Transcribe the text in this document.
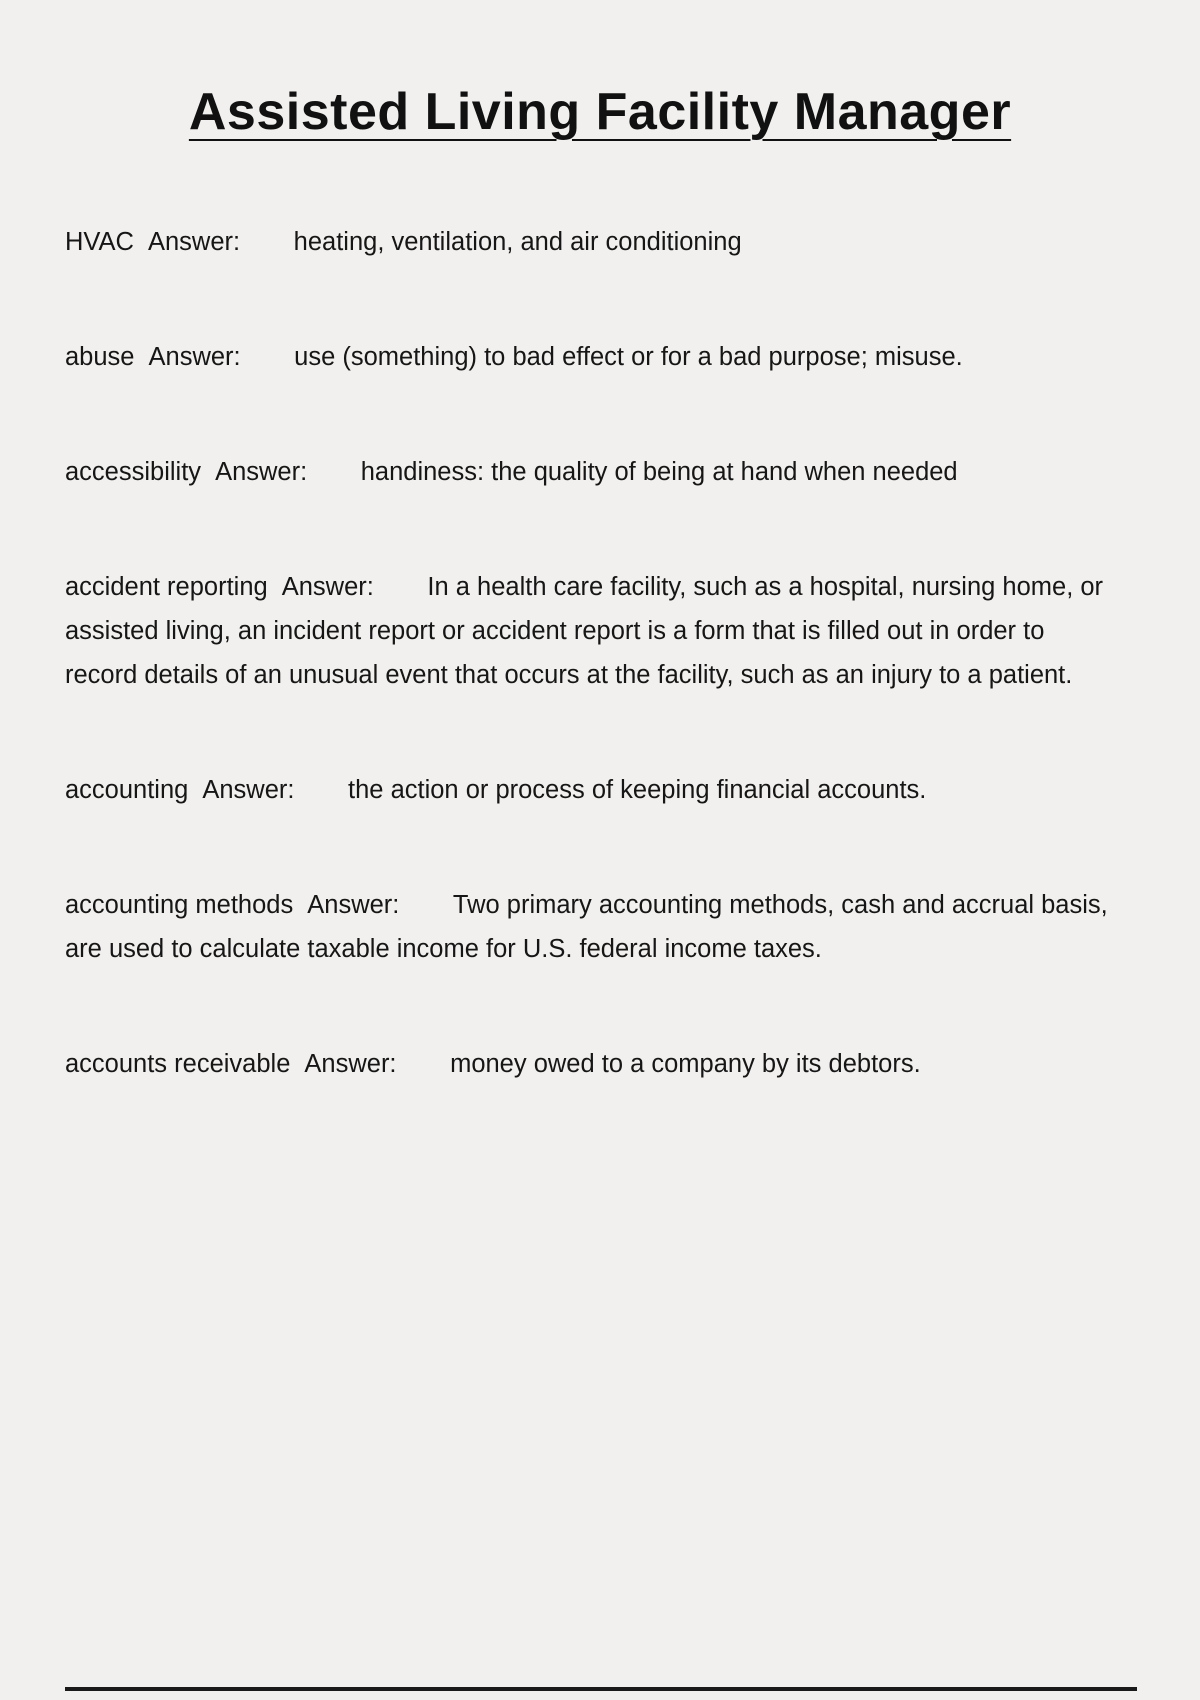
Assisted Living Facility Manager

HVAC Answer: heating, ventilation, and air conditioning

abuse Answer: use (something) to bad effect or for a bad purpose; misuse.

accessibility Answer: handiness: the quality of being at hand when needed

accident reporting Answer: In a health care facility, such as a hospital, nursing home, or assisted living, an incident report or accident report is a form that is filled out in order to record details of an unusual event that occurs at the facility, such as an injury to a patient.

accounting Answer: the action or process of keeping financial accounts.

accounting methods Answer: Two primary accounting methods, cash and accrual basis, are used to calculate taxable income for U.S. federal income taxes.

accounts receivable Answer: money owed to a company by its debtors.
